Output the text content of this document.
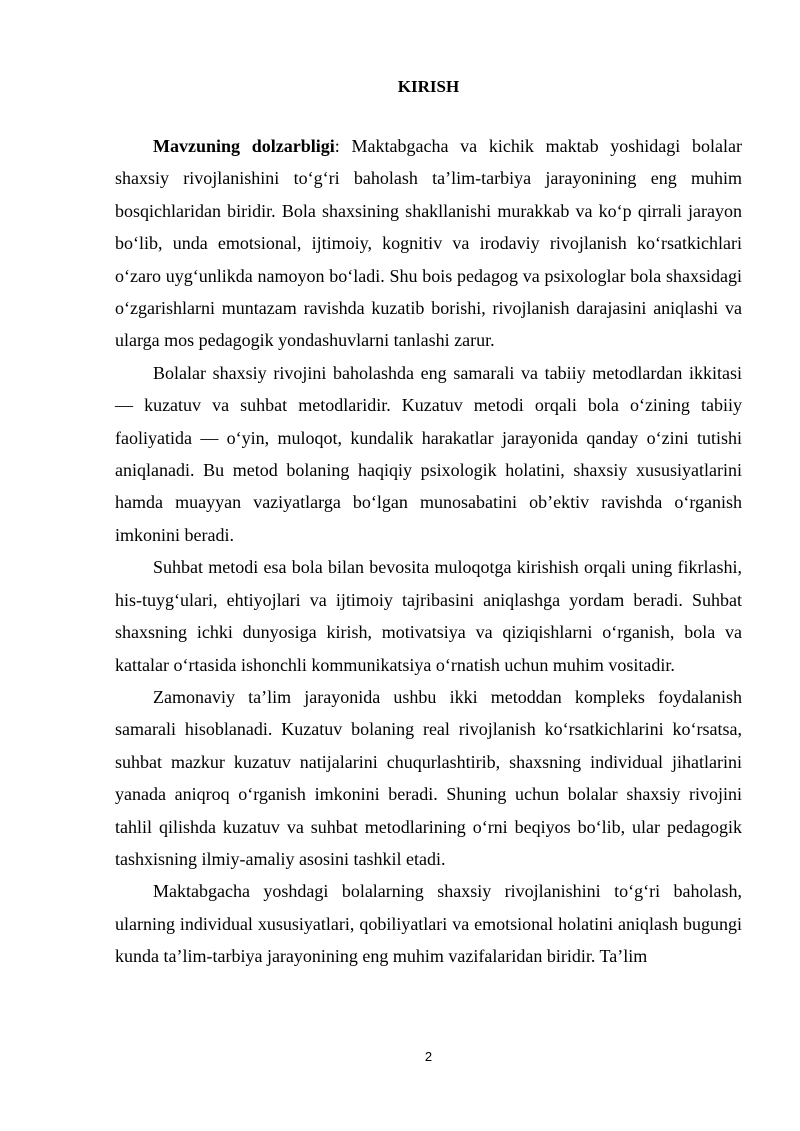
KIRISH

Mavzuning dolzarbligi: Maktabgacha va kichik maktab yoshidagi bolalar shaxsiy rivojlanishini to‘g‘ri baholash ta’lim-tarbiya jarayonining eng muhim bosqichlaridan biridir. Bola shaxsining shakllanishi murakkab va ko‘p qirrali jarayon bo‘lib, unda emotsional, ijtimoiy, kognitiv va irodaviy rivojlanish ko‘rsatkichlari o‘zaro uyg‘unlikda namoyon bo‘ladi. Shu bois pedagog va psixologlar bola shaxsidagi o‘zgarishlarni muntazam ravishda kuzatib borishi, rivojlanish darajasini aniqlashi va ularga mos pedagogik yondashuvlarni tanlashi zarur.

Bolalar shaxsiy rivojini baholashda eng samarali va tabiiy metodlardan ikkitasi — kuzatuv va suhbat metodlaridir. Kuzatuv metodi orqali bola o‘zining tabiiy faoliyatida — o‘yin, muloqot, kundalik harakatlar jarayonida qanday o‘zini tutishi aniqlanadi. Bu metod bolaning haqiqiy psixologik holatini, shaxsiy xususiyatlarini hamda muayyan vaziyatlarga bo‘lgan munosabatini ob’ektiv ravishda o‘rganish imkonini beradi.

Suhbat metodi esa bola bilan bevosita muloqotga kirishish orqali uning fikrlashi, his-tuyg‘ulari, ehtiyojlari va ijtimoiy tajribasini aniqlashga yordam beradi. Suhbat shaxsning ichki dunyosiga kirish, motivatsiya va qiziqishlarni o‘rganish, bola va kattalar o‘rtasida ishonchli kommunikatsiya o‘rnatish uchun muhim vositadir.

Zamonaviy ta’lim jarayonida ushbu ikki metoddan kompleks foydalanish samarali hisoblanadi. Kuzatuv bolaning real rivojlanish ko‘rsatkichlarini ko‘rsatsa, suhbat mazkur kuzatuv natijalarini chuqurlashtirib, shaxsning individual jihatlarini yanada aniqroq o‘rganish imkonini beradi. Shuning uchun bolalar shaxsiy rivojini tahlil qilishda kuzatuv va suhbat metodlarining o‘rni beqiyos bo‘lib, ular pedagogik tashxisning ilmiy-amaliy asosini tashkil etadi.

Maktabgacha yoshdagi bolalarning shaxsiy rivojlanishini to‘g‘ri baholash, ularning individual xususiyatlari, qobiliyatlari va emotsional holatini aniqlash bugungi kunda ta’lim-tarbiya jarayonining eng muhim vazifalaridan biridir. Ta’lim

2
